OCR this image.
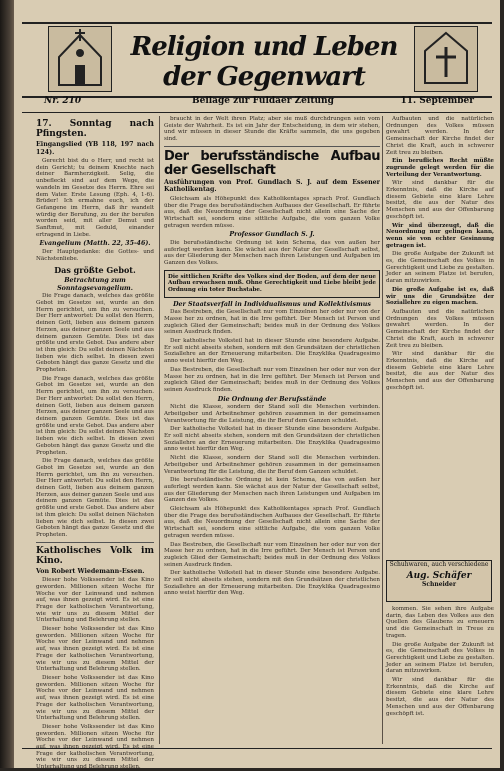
Religion und Leben der Gegenwart
Nr. 210	Beilage zur Fuldaer Zeitung	11. September
17. Sonntag nach Pfingsten.
Eingangslied (YB 118, 197 nach 124).

Gerecht bist du o Herr, und recht ist dein Gericht; tu deinem Knechte nach deiner Barmherzigkeit. Selig, die unbefleckt sind auf dem Wege, die wandeln im Gesetze des Herrn. Ehre sei dem Vater. Erste Lesung (Eph. 4, 1-6). Brüder! Ich ermahne euch, ich der Gefangene im Herrn, daß ihr wandelt würdig der Berufung, zu der ihr berufen worden seid, mit aller Demut und Sanftmut, mit Geduld, einander ertragend in Liebe.

Evangelium (Matth. 22, 35-46).

Der Hauptgedanke: die Gottes- und Nächstenliebe.

Das größte Gebot.
Betrachtung zum Sonntagsevangelium.

Die Frage danach, welches das größte Gebot im Gesetze sei, wurde an den Herrn gerichtet, um ihn zu versuchen. Der Herr antwortet: Du sollst den Herrn, deinen Gott, lieben aus deinem ganzen Herzen, aus deiner ganzen Seele und aus deinem ganzen Gemüte. Dies ist das größte und erste Gebot. Das andere aber ist ihm gleich: Du sollst deinen Nächsten lieben wie dich selbst. In diesen zwei Geboten hängt das ganze Gesetz und die Propheten.

Die Frage danach, welches das größte Gebot im Gesetze sei, wurde an den Herrn gerichtet, um ihn zu versuchen. Der Herr antwortet: Du sollst den Herrn, deinen Gott, lieben aus deinem ganzen Herzen, aus deiner ganzen Seele und aus deinem ganzen Gemüte. Dies ist das größte und erste Gebot. Das andere aber ist ihm gleich: Du sollst deinen Nächsten lieben wie dich selbst. In diesen zwei Geboten hängt das ganze Gesetz und die Propheten.

Die Frage danach, welches das größte Gebot im Gesetze sei, wurde an den Herrn gerichtet, um ihn zu versuchen. Der Herr antwortet: Du sollst den Herrn, deinen Gott, lieben aus deinem ganzen Herzen, aus deiner ganzen Seele und aus deinem ganzen Gemüte. Dies ist das größte und erste Gebot. Das andere aber ist ihm gleich: Du sollst deinen Nächsten lieben wie dich selbst. In diesen zwei Geboten hängt das ganze Gesetz und die Propheten.

Katholisches Volk im Kino.
Von Robert Wiedemann-Essen.

Dieser hohe Volkssender ist das Kino geworden. Millionen sitzen Woche für Woche vor der Leinwand und nehmen auf, was ihnen gezeigt wird. Es ist eine Frage der katholischen Verantwortung, wie wir uns zu diesem Mittel der Unterhaltung und Belehrung stellen.

Dieser hohe Volkssender ist das Kino geworden. Millionen sitzen Woche für Woche vor der Leinwand und nehmen auf, was ihnen gezeigt wird. Es ist eine Frage der katholischen Verantwortung, wie wir uns zu diesem Mittel der Unterhaltung und Belehrung stellen.

Dieser hohe Volkssender ist das Kino geworden. Millionen sitzen Woche für Woche vor der Leinwand und nehmen auf, was ihnen gezeigt wird. Es ist eine Frage der katholischen Verantwortung, wie wir uns zu diesem Mittel der Unterhaltung und Belehrung stellen.

Dieser hohe Volkssender ist das Kino geworden. Millionen sitzen Woche für Woche vor der Leinwand und nehmen Frage der katholischen Verantwortung, wie wir uns zu diesem Mittel der Unterhaltung und Belehrung stellen.

braucht in der Welt ihren Platz; aber sie muß durchdrungen sein vom Geiste der Wahrheit. Es ist ein Jahr der Entscheidung, in dem wir stehen, und wir müssen in dieser Stunde die Kräfte sammeln, die uns gegeben sind.

Der berufsständische Aufbau der Gesellschaft
Ausführungen von Prof. Gundlach S. J. auf dem Essener Katholikentag.

Gleichsam als Höhepunkt des Katholikentages sprach Prof. Gundlach über die Frage des berufsständischen Aufbaues der Gesellschaft. Er führte aus, daß die Neuordnung der Gesellschaft nicht allein eine Sache der Wirtschaft sei, sondern eine sittliche Aufgabe, die vom ganzen Volke getragen werden müsse.

Professor Gundlach S. J.

Die berufsständische Ordnung ist kein Schema, das von außen her auferlegt werden kann. Sie wächst aus der Natur der Gesellschaft selbst, aus der Gliederung der Menschen nach ihren Leistungen und Aufgaben im Ganzen des Volkes.

Die sittlichen Kräfte des Volkes sind der Boden, auf dem der neue Aufbau erwachsen muß. Ohne Gerechtigkeit und Liebe bleibt jede Ordnung ein toter Buchstabe.
Der Staatsverfall in Individualismus und Kollektivismus

Das Bestreben, die Gesellschaft nur vom Einzelnen her oder nur von der Masse her zu ordnen, hat in die Irre geführt. Der Mensch ist Person und zugleich Glied der Gemeinschaft; beides muß in der Ordnung des Volkes seinen Ausdruck finden.

Der katholische Volksteil hat in dieser Stunde eine besondere Aufgabe. Er soll nicht abseits stehen, sondern mit den Grundsätzen der christlichen Soziallehre an der Erneuerung mitarbeiten. Die Enzyklika Quadragesimo anno weist hierfür den Weg.

Das Bestreben, die Gesellschaft nur vom Einzelnen her oder nur von der Masse her zu ordnen, hat in die Irre geführt. Der Mensch ist Person und zugleich Glied der Gemeinschaft; beides muß in der Ordnung des Volkes seinen Ausdruck finden.

Die Ordnung der Berufsstände

Nicht die Klasse, sondern der Stand soll die Menschen verbinden. Arbeitgeber und Arbeitnehmer gehören zusammen in der gemeinsamen Verantwortung für die Leistung, die ihr Beruf dem Ganzen schuldet.

Der katholische Volksteil hat in dieser Stunde eine besondere Aufgabe. Er soll nicht abseits stehen, sondern mit den Grundsätzen der christlichen Soziallehre an der Erneuerung mitarbeiten. Die Enzyklika Quadragesimo anno weist hierfür den Weg.

Nicht die Klasse, sondern der Stand soll die Menschen verbinden. Arbeitgeber und Arbeitnehmer gehören zusammen in der gemeinsamen Verantwortung für die Leistung, die ihr Beruf dem Ganzen schuldet.

Die berufsständische Ordnung ist kein Schema, das von außen her auferlegt werden kann. Sie wächst aus der Natur der Gesellschaft selbst, aus der Gliederung der Menschen nach ihren Leistungen und Aufgaben im Ganzen des Volkes.

Gleichsam als Höhepunkt des Katholikentages sprach Prof. Gundlach über die Frage des berufsständischen Aufbaues der Gesellschaft. Er führte aus, daß die Neuordnung der Gesellschaft nicht allein eine Sache der Wirtschaft sei, sondern eine sittliche Aufgabe, die vom ganzen Volke getragen werden müsse.

Das Bestreben, die Gesellschaft nur vom Einzelnen her oder nur von der Masse her zu ordnen, hat in die Irre geführt. Der Mensch ist Person und zugleich Glied der Gemeinschaft; beides muß in der Ordnung des Volkes seinen Ausdruck finden.

Der katholische Volksteil hat in dieser Stunde eine besondere Aufgabe. Er soll nicht abseits stehen, sondern mit den Grundsätzen der christlichen Soziallehre an der Erneuerung mitarbeiten. Die Enzyklika Quadragesimo anno weist hierfür den Weg.

Aufbauten und die natürlichen Ordnungen des Volkes müssen gewahrt werden. In der Gemeinschaft der Kirche findet der Christ die Kraft, auch in schwerer Zeit treu zu bleiben.

Ein berufliches Recht müßte zugrunde gelegt werden für die Verteilung der Verantwortung.

Wir sind dankbar für die Erkenntnis, daß die Kirche auf diesem Gebiete eine klare Lehre besitzt, die aus der Natur des Menschen und aus der Offenbarung geschöpft ist.

Wir sind überzeugt, daß die Neuordnung nur gelingen kann, wenn sie von echter Gesinnung getragen ist.

Die große Aufgabe der Zukunft ist es, die Gemeinschaft des Volkes in Gerechtigkeit und Liebe zu gestalten. Jeder an seinem Platze ist berufen, daran mitzuwirken.

Die große Aufgabe ist es, daß wir uns die Grundsätze der Soziallehre zu eigen machen.

Aufbauten und die natürlichen Ordnungen des Volkes müssen gewahrt werden. In der Gemeinschaft der Kirche findet der Christ die Kraft, auch in schwerer Zeit treu zu bleiben.

Wir sind dankbar für die Erkenntnis, daß die Kirche auf diesem Gebiete eine klare Lehre besitzt, die aus der Natur des Menschen und aus der Offenbarung geschöpft ist.

Schuhwaren, auch verschiedene
Aug. Schäfer
Schneider

kommen. Sie sehen ihre Aufgabe darin, das Leben des Volkes aus den Quellen des Glaubens zu erneuern und die Gemeinschaft in Treue zu tragen.

Die große Aufgabe der Zukunft ist es, die Gemeinschaft des Volkes in Gerechtigkeit und Liebe zu gestalten. Jeder an seinem Platze ist berufen, daran mitzuwirken.

Wir sind dankbar für die Erkenntnis, daß die Kirche auf diesem Gebiete eine klare Lehre besitzt, die aus der Natur des Menschen und aus der Offenbarung geschöpft ist.
